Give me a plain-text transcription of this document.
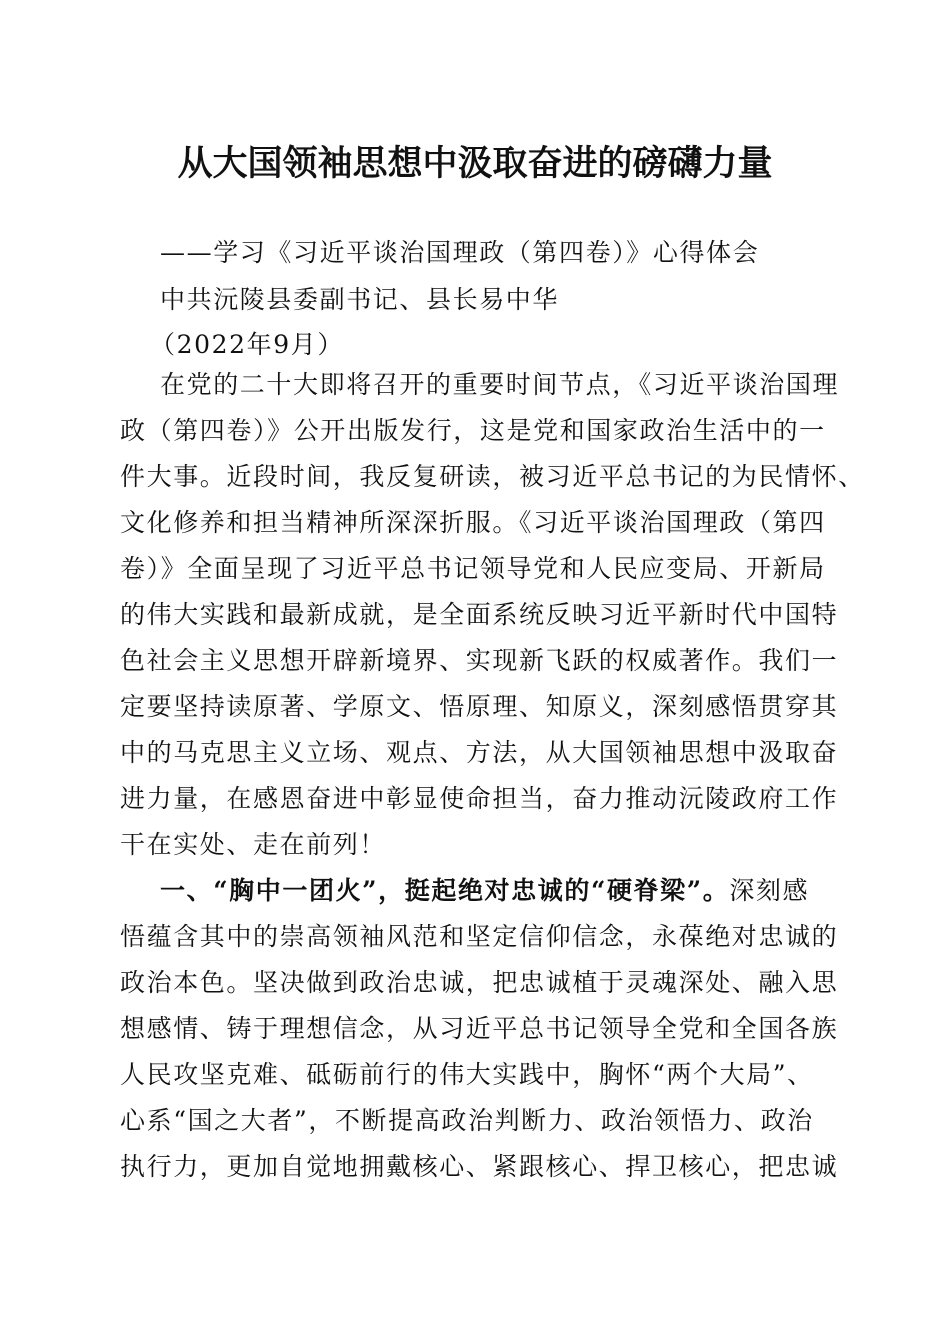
从大国领袖思想中汲取奋进的磅礴力量
——学习《习近平谈治国理政（第四卷）》心得体会
中共沅陵县委副书记、县长易中华
（2022年9月）
在党的二十大即将召开的重要时间节点，《习近平谈治国理
政（第四卷）》公开出版发行，这是党和国家政治生活中的一
件大事。近段时间，我反复研读，被习近平总书记的为民情怀、
文化修养和担当精神所深深折服。《习近平谈治国理政（第四
卷）》全面呈现了习近平总书记领导党和人民应变局、开新局
的伟大实践和最新成就，是全面系统反映习近平新时代中国特
色社会主义思想开辟新境界、实现新飞跃的权威著作。我们一
定要坚持读原著、学原文、悟原理、知原义，深刻感悟贯穿其
中的马克思主义立场、观点、方法，从大国领袖思想中汲取奋
进力量，在感恩奋进中彰显使命担当，奋力推动沅陵政府工作
干在实处、走在前列！
一、“胸中一团火”，挺起绝对忠诚的“硬脊梁”。深刻感
悟蕴含其中的崇高领袖风范和坚定信仰信念，永葆绝对忠诚的
政治本色。坚决做到政治忠诚，把忠诚植于灵魂深处、融入思
想感情、铸于理想信念，从习近平总书记领导全党和全国各族
人民攻坚克难、砥砺前行的伟大实践中，胸怀“两个大局”、
心系“国之大者”，不断提高政治判断力、政治领悟力、政治
执行力，更加自觉地拥戴核心、紧跟核心、捍卫核心，把忠诚
